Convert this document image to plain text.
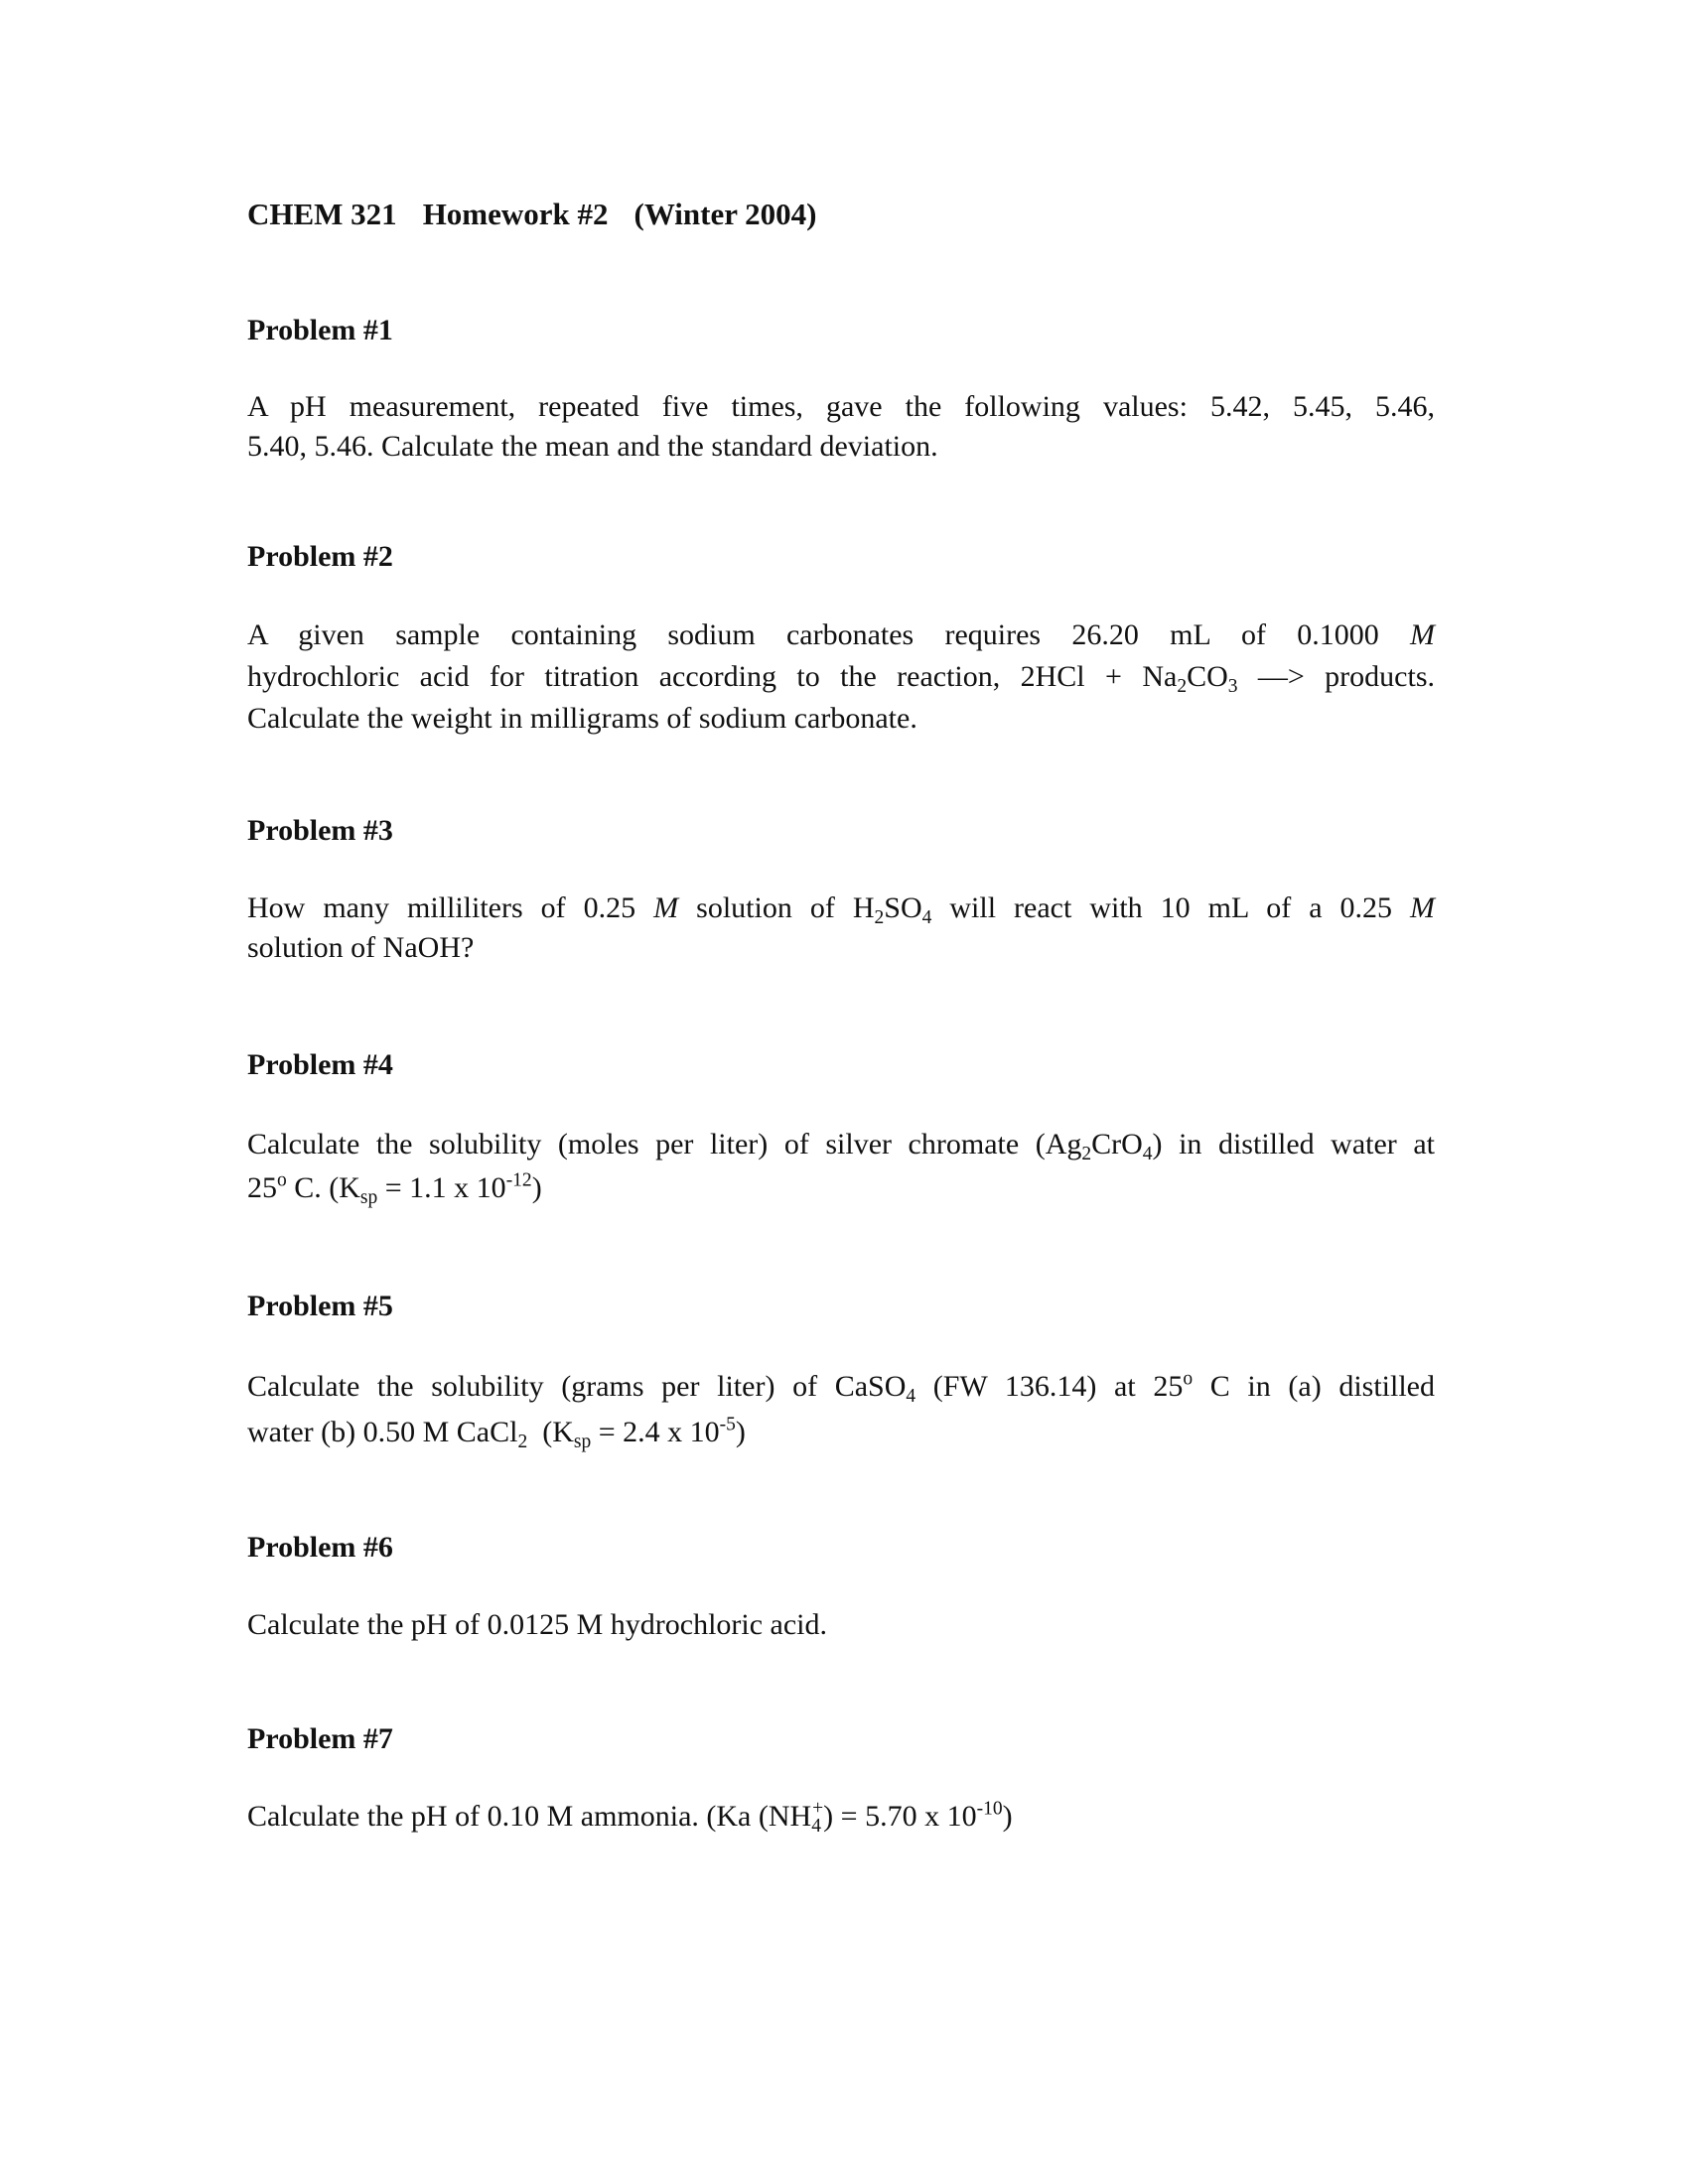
CHEM 321 Homework #2 (Winter 2004)

Problem #1

A pH measurement, repeated five times, gave the following values: 5.42, 5.45, 5.46,
5.40, 5.46. Calculate the mean and the standard deviation.

Problem #2

A given sample containing sodium carbonates requires 26.20 mL of 0.1000 M
hydrochloric acid for titration according to the reaction, $2HCl + Na_2CO_3$ ––> products.
Calculate the weight in milligrams of sodium carbonate.

Problem #3

How many milliliters of 0.25 M solution of $H_2SO_4$ will react with 10 mL of a 0.25 M
solution of NaOH?

Problem #4

Calculate the solubility (moles per liter) of silver chromate $(Ag_2CrO_4)$ in distilled water at
25$^o$ C. ($K_{sp} = 1.1$ x $10^{-12}$)

Problem #5

Calculate the solubility (grams per liter) of CaSO$_4$ (FW 136.14) at 25$^o$ C in (a) distilled
water (b) 0.50 M CaCl$_2$  ($K_{sp} = 2.4$ x $10^{-5}$)

Problem #6

Calculate the pH of 0.0125 M hydrochloric acid.

Problem #7

Calculate the pH of 0.10 M ammonia. (Ka $(NH_4^+) = 5.70$ x $10^{-10}$)
